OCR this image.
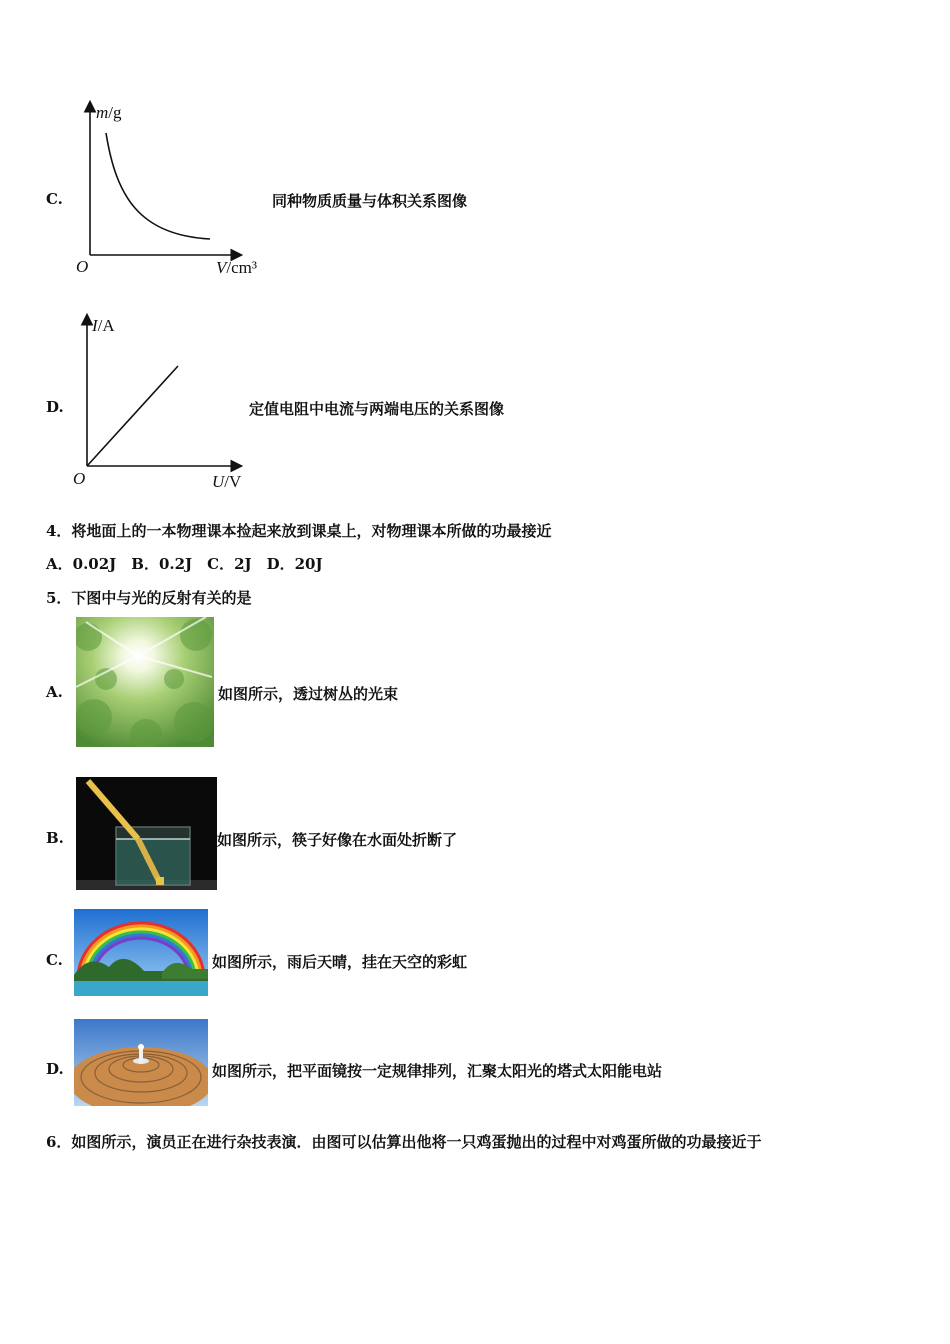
C.
m/g
O	V/cm³
同种物质质量与体积关系图像
D.
I/A
O	U/V
定值电阻中电流与两端电压的关系图像
4．将地面上的一本物理课本捡起来放到课桌上，对物理课本所做的功最接近
A．0.02J　B．0.2J　C．2J　D．20J
5．下图中与光的反射有关的是
A.	如图所示，透过树丛的光束
B.	如图所示，筷子好像在水面处折断了
C.	如图所示，雨后天晴，挂在天空的彩虹
D.	如图所示，把平面镜按一定规律排列，汇聚太阳光的塔式太阳能电站
6．如图所示，演员正在进行杂技表演．由图可以估算出他将一只鸡蛋抛出的过程中对鸡蛋所做的功最接近于
